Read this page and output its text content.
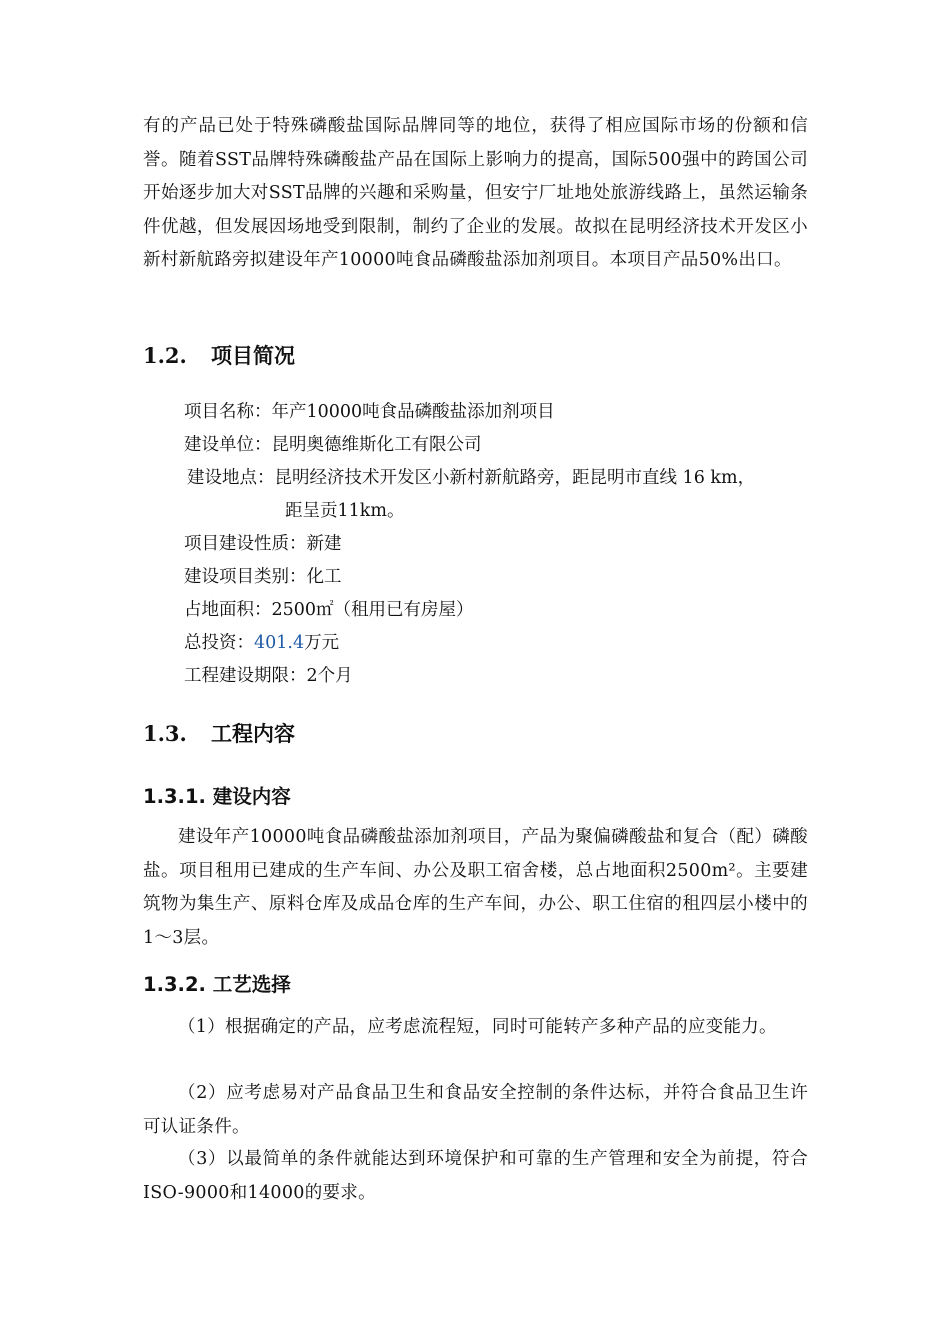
有的产品已处于特殊磷酸盐国际品牌同等的地位，获得了相应国际市场的份额和信誉。随着SST品牌特殊磷酸盐产品在国际上影响力的提高，国际500强中的跨国公司开始逐步加大对SST品牌的兴趣和采购量，但安宁厂址地处旅游线路上，虽然运输条件优越，但发展因场地受到限制，制约了企业的发展。故拟在昆明经济技术开发区小新村新航路旁拟建设年产10000吨食品磷酸盐添加剂项目。本项目产品50%出口。
1.2. 项目简况
项目名称：年产10000吨食品磷酸盐添加剂项目
建设单位：昆明奥德维斯化工有限公司
建设地点：昆明经济技术开发区小新村新航路旁，距昆明市直线 16 km，
距呈贡11km。
项目建设性质：新建
建设项目类别：化工
占地面积：2500㎡（租用已有房屋）
总投资：401.4万元
工程建设期限：2个月
1.3. 工程内容
1.3.1. 建设内容
建设年产10000吨食品磷酸盐添加剂项目，产品为聚偏磷酸盐和复合（配）磷酸盐。项目租用已建成的生产车间、办公及职工宿舍楼，总占地面积2500m²。主要建筑物为集生产、原料仓库及成品仓库的生产车间，办公、职工住宿的租四层小楼中的1～3层。
1.3.2. 工艺选择
（1）根据确定的产品，应考虑流程短，同时可能转产多种产品的应变能力。
（2）应考虑易对产品食品卫生和食品安全控制的条件达标，并符合食品卫生许可认证条件。
（3）以最简单的条件就能达到环境保护和可靠的生产管理和安全为前提，符合ISO-9000和14000的要求。
